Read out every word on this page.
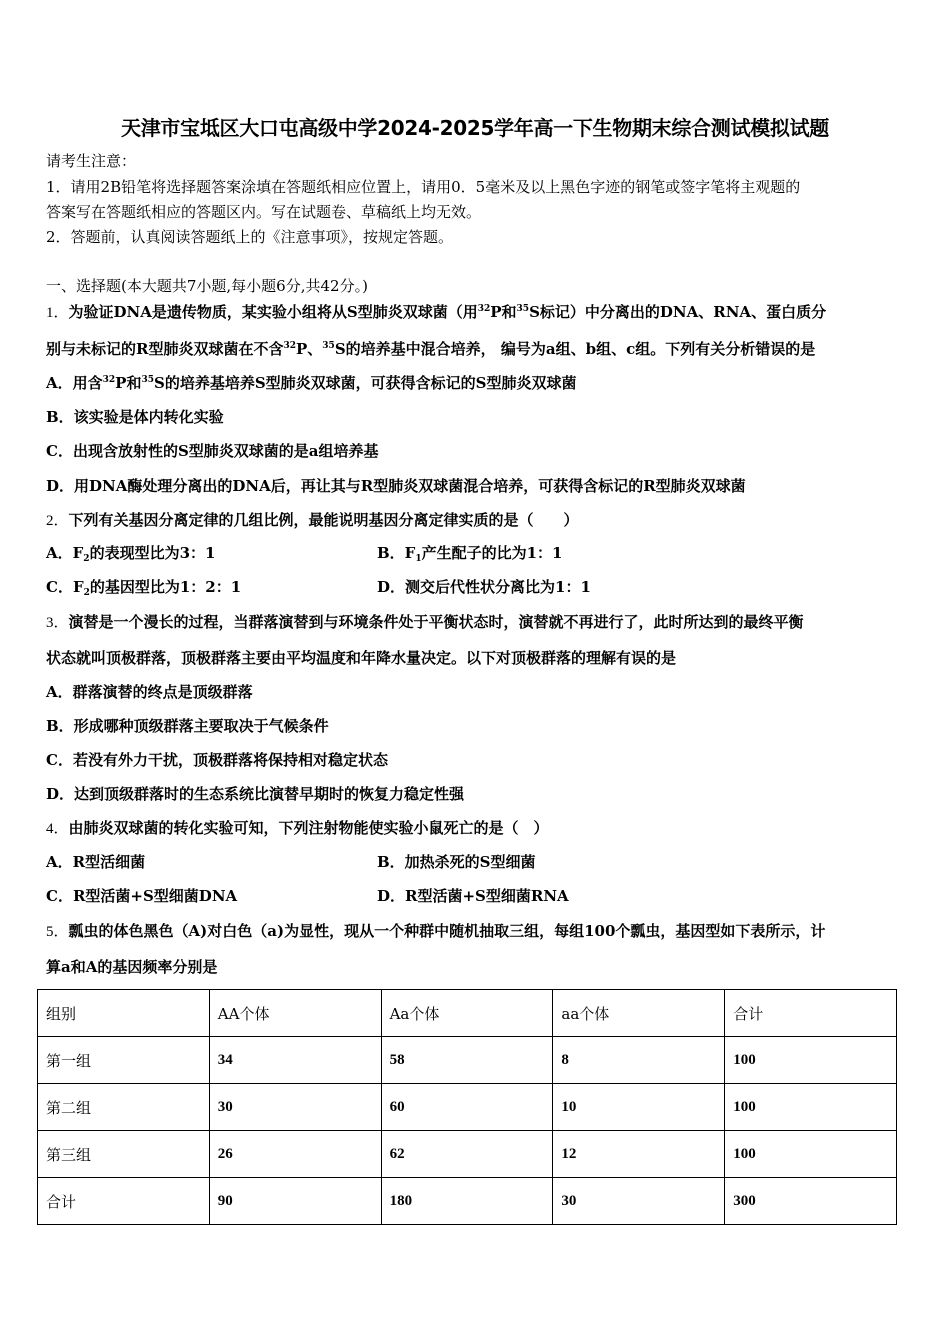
天津市宝坻区大口屯高级中学2024-2025学年高一下生物期末综合测试模拟试题
请考生注意：
1．请用2B铅笔将选择题答案涂填在答题纸相应位置上，请用0．5毫米及以上黑色字迹的钢笔或签字笔将主观题的
答案写在答题纸相应的答题区内。写在试题卷、草稿纸上均无效。
2．答题前，认真阅读答题纸上的《注意事项》，按规定答题。
一、选择题(本大题共7小题,每小题6分,共42分。)
1．为验证DNA是遗传物质，某实验小组将从S型肺炎双球菌（用$^{32}$P和$^{35}$S标记）中分离出的DNA、RNA、蛋白质分
别与未标记的R型肺炎双球菌在不含$^{32}$P、$^{35}$S的培养基中混合培养， 编号为a组、b组、c组。下列有关分析错误的是
A．用含$^{32}$P和$^{35}$S的培养基培养S型肺炎双球菌，可获得含标记的S型肺炎双球菌
B．该实验是体内转化实验
C．出现含放射性的S型肺炎双球菌的是a组培养基
D．用DNA酶处理分离出的DNA后，再让其与R型肺炎双球菌混合培养，可获得含标记的R型肺炎双球菌
2．下列有关基因分离定律的几组比例，最能说明基因分离定律实质的是（　　）
A．$F_2$的表现型比为3：1	B．$F_1$产生配子的比为1：1
C．$F_2$的基因型比为1：2：1	D．测交后代性状分离比为1：1
3．演替是一个漫长的过程，当群落演替到与环境条件处于平衡状态时，演替就不再进行了，此时所达到的最终平衡
状态就叫顶极群落，顶极群落主要由平均温度和年降水量决定。以下对顶极群落的理解有误的是
A．群落演替的终点是顶级群落
B．形成哪种顶级群落主要取决于气候条件
C．若没有外力干扰，顶极群落将保持相对稳定状态
D．达到顶级群落时的生态系统比演替早期时的恢复力稳定性强
4．由肺炎双球菌的转化实验可知，下列注射物能使实验小鼠死亡的是（　）
A．R型活细菌	B．加热杀死的S型细菌
C．R型活菌+S型细菌DNA	D．R型活菌+S型细菌RNA
5．瓢虫的体色黑色（A)对白色（a)为显性，现从一个种群中随机抽取三组，每组100个瓢虫，基因型如下表所示，计
算a和A的基因频率分别是
组别	AA个体	Aa个体	aa个体	合计
第一组	34	58	8	100
第二组	30	60	10	100
第三组	26	62	12	100
合计	90	180	30	300
